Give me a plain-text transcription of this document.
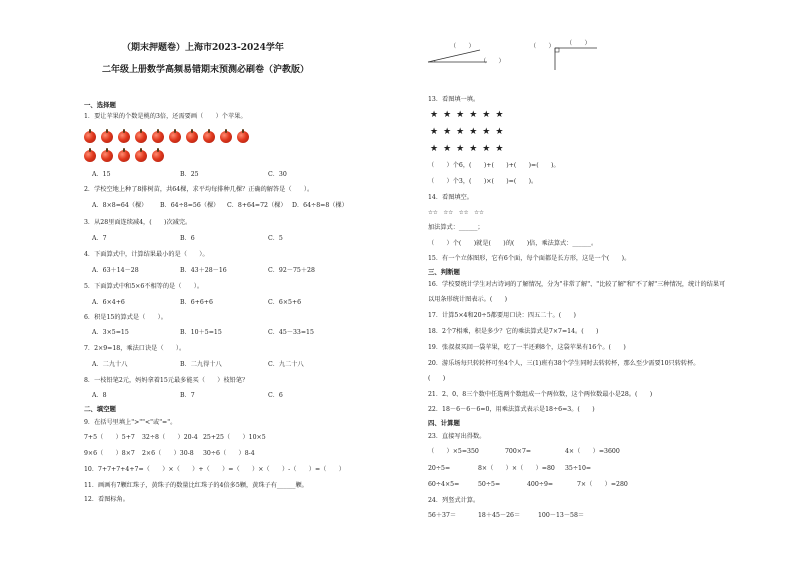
（期末押题卷）上海市2023-2024学年
二年级上册数学高频易错期末预测必刷卷（沪教版）
一、选择题
1．要让苹果的个数是桃的3倍，还需要画（　　）个苹果。
A．15	B．25	C．30
2．学校空地上种了8排树苗，共64棵，求平均每排种几棵？正确的解答是（　　）。
A．8×8=64（棵） B．64÷8=56（棵） C．8+64=72（棵） D．64÷8=8（棵）
3．从28里面连续减4，(　　)次减完。
A．7	B．6	C．5
4．下面算式中，计算结果最小的是（　　）。
A．63＋14－28	B．43＋28－16	C．92－75＋28
5．下面算式中和5×6不相等的是（　　）。
A．6×4+6	B．6+6+6	C．6×5+6
6．积是15的算式是（　　）。
A．3×5=15	B．10＋5=15	C．45－33=15
7．2×9=18，乘法口诀是（　　）。
A．二九十八	B．二九得十八	C．九二十八
8．一枝铅笔2元，妈妈拿着15元最多能买（　　）枝铅笔？
A．8	B．7	C．6
二、填空题
9．在括号里填上">""<"或"="。
7+5（　　）5+7 32÷8（　　）20-4 25+25（　　）10×5
9×6（　　）8×7 2×6（　　）30-8 30÷6（　　）8-4
10．7+7+7+4+7=（　　）×（　　）+（　　）=（　　）×（　　）-（　　）=（　　）
11．画画有7颗红珠子，黄珠子的数量比红珠子的4倍多5颗，黄珠子有______颗。
12．看图标角。
（　　）
（　　）
（　　） （　　）
13．看图填一填。
★★★★★★
★★★★★★
★★★★★★
（　　）个6，(　　)+(　　)+(　　)=(　　)。
（　　）个3，(　　)×(　　)=(　　)。
14．看图填空。
☆☆　☆☆　☆☆　☆☆
加法算式：______；
（　　）个(　　)就是(　　)的(　　)倍，乘法算式：______。
15．有一个立体图形，它有6个面，每个面都是长方形，这是一个(　　)。
三、判断题
16．学校要统计学生对古诗词的了解情况，分为"非常了解"、"比较了解"和"不了解"三种情况，统计的结果可
以用条形统计图表示。(　　)
17．计算5×4和20÷5都要用口诀：四五二十。(　　)
18．2个7相乘，积是多少？它的乘法算式是7×7=14。(　　)
19．张叔叔买回一袋苹果，吃了一半还剩8个，这袋苹果有16个。(　　)
20．游乐场每只转转杯可坐4个人，三(1)班有38个学生同时去转转杯，那么至少需要10只转转杯。
(　　)
21．2、0、8三个数中任选两个数组成一个两位数，这个两位数最小是28。(　　)
22．18－6－6－6=0，用乘法算式表示是18÷6=3。(　　)
四、计算题
23．直接写出得数。
（　　）×5=350	700×7=	4×（　　）=3600
20÷5=	8×（　　）×（　　）=80 35÷10=
60÷4×5=	50÷5=	400÷9=	7×（　　）=280
24．列竖式计算。
56＋37＝	18＋45－26＝	100－13－58＝
